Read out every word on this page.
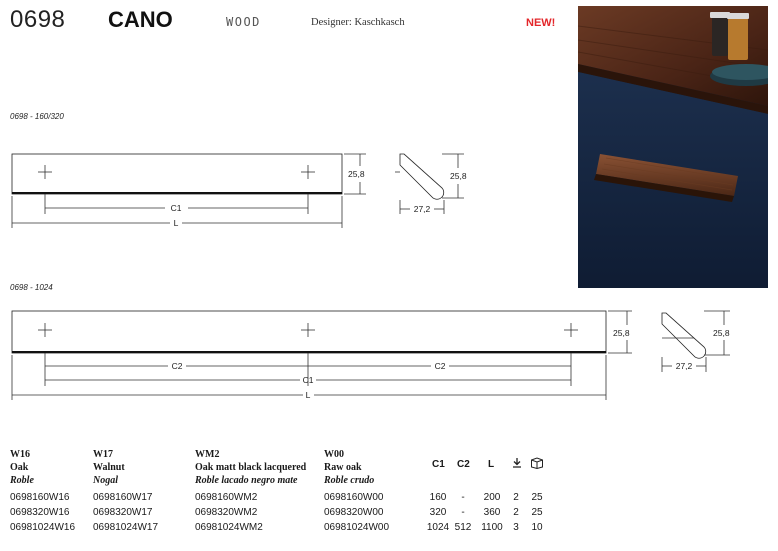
0698 CANO	WOOD	Designer: Kaschkasch	NEW!
0698 - 160/320
0698 - 1024
C1
L
25,8	25,8
27,2
C2	C2
C1
L
25,8	25,8
27,2
W16
Oak
Roble
W17
Walnut
Nogal
WM2
Oak matt black lacquered
Roble lacado negro mate
W00
Raw oak
Roble crudo
C1 C2 L
0698160W16 0698160W17	0698160WM2	0698160W00	160	-	200	2	25
0698320W16 0698320W17	0698320WM2	0698320W00	320	-	360	2	25
06981024W16 06981024W17	06981024WM2	06981024W00	1024 512 1100	3	10
